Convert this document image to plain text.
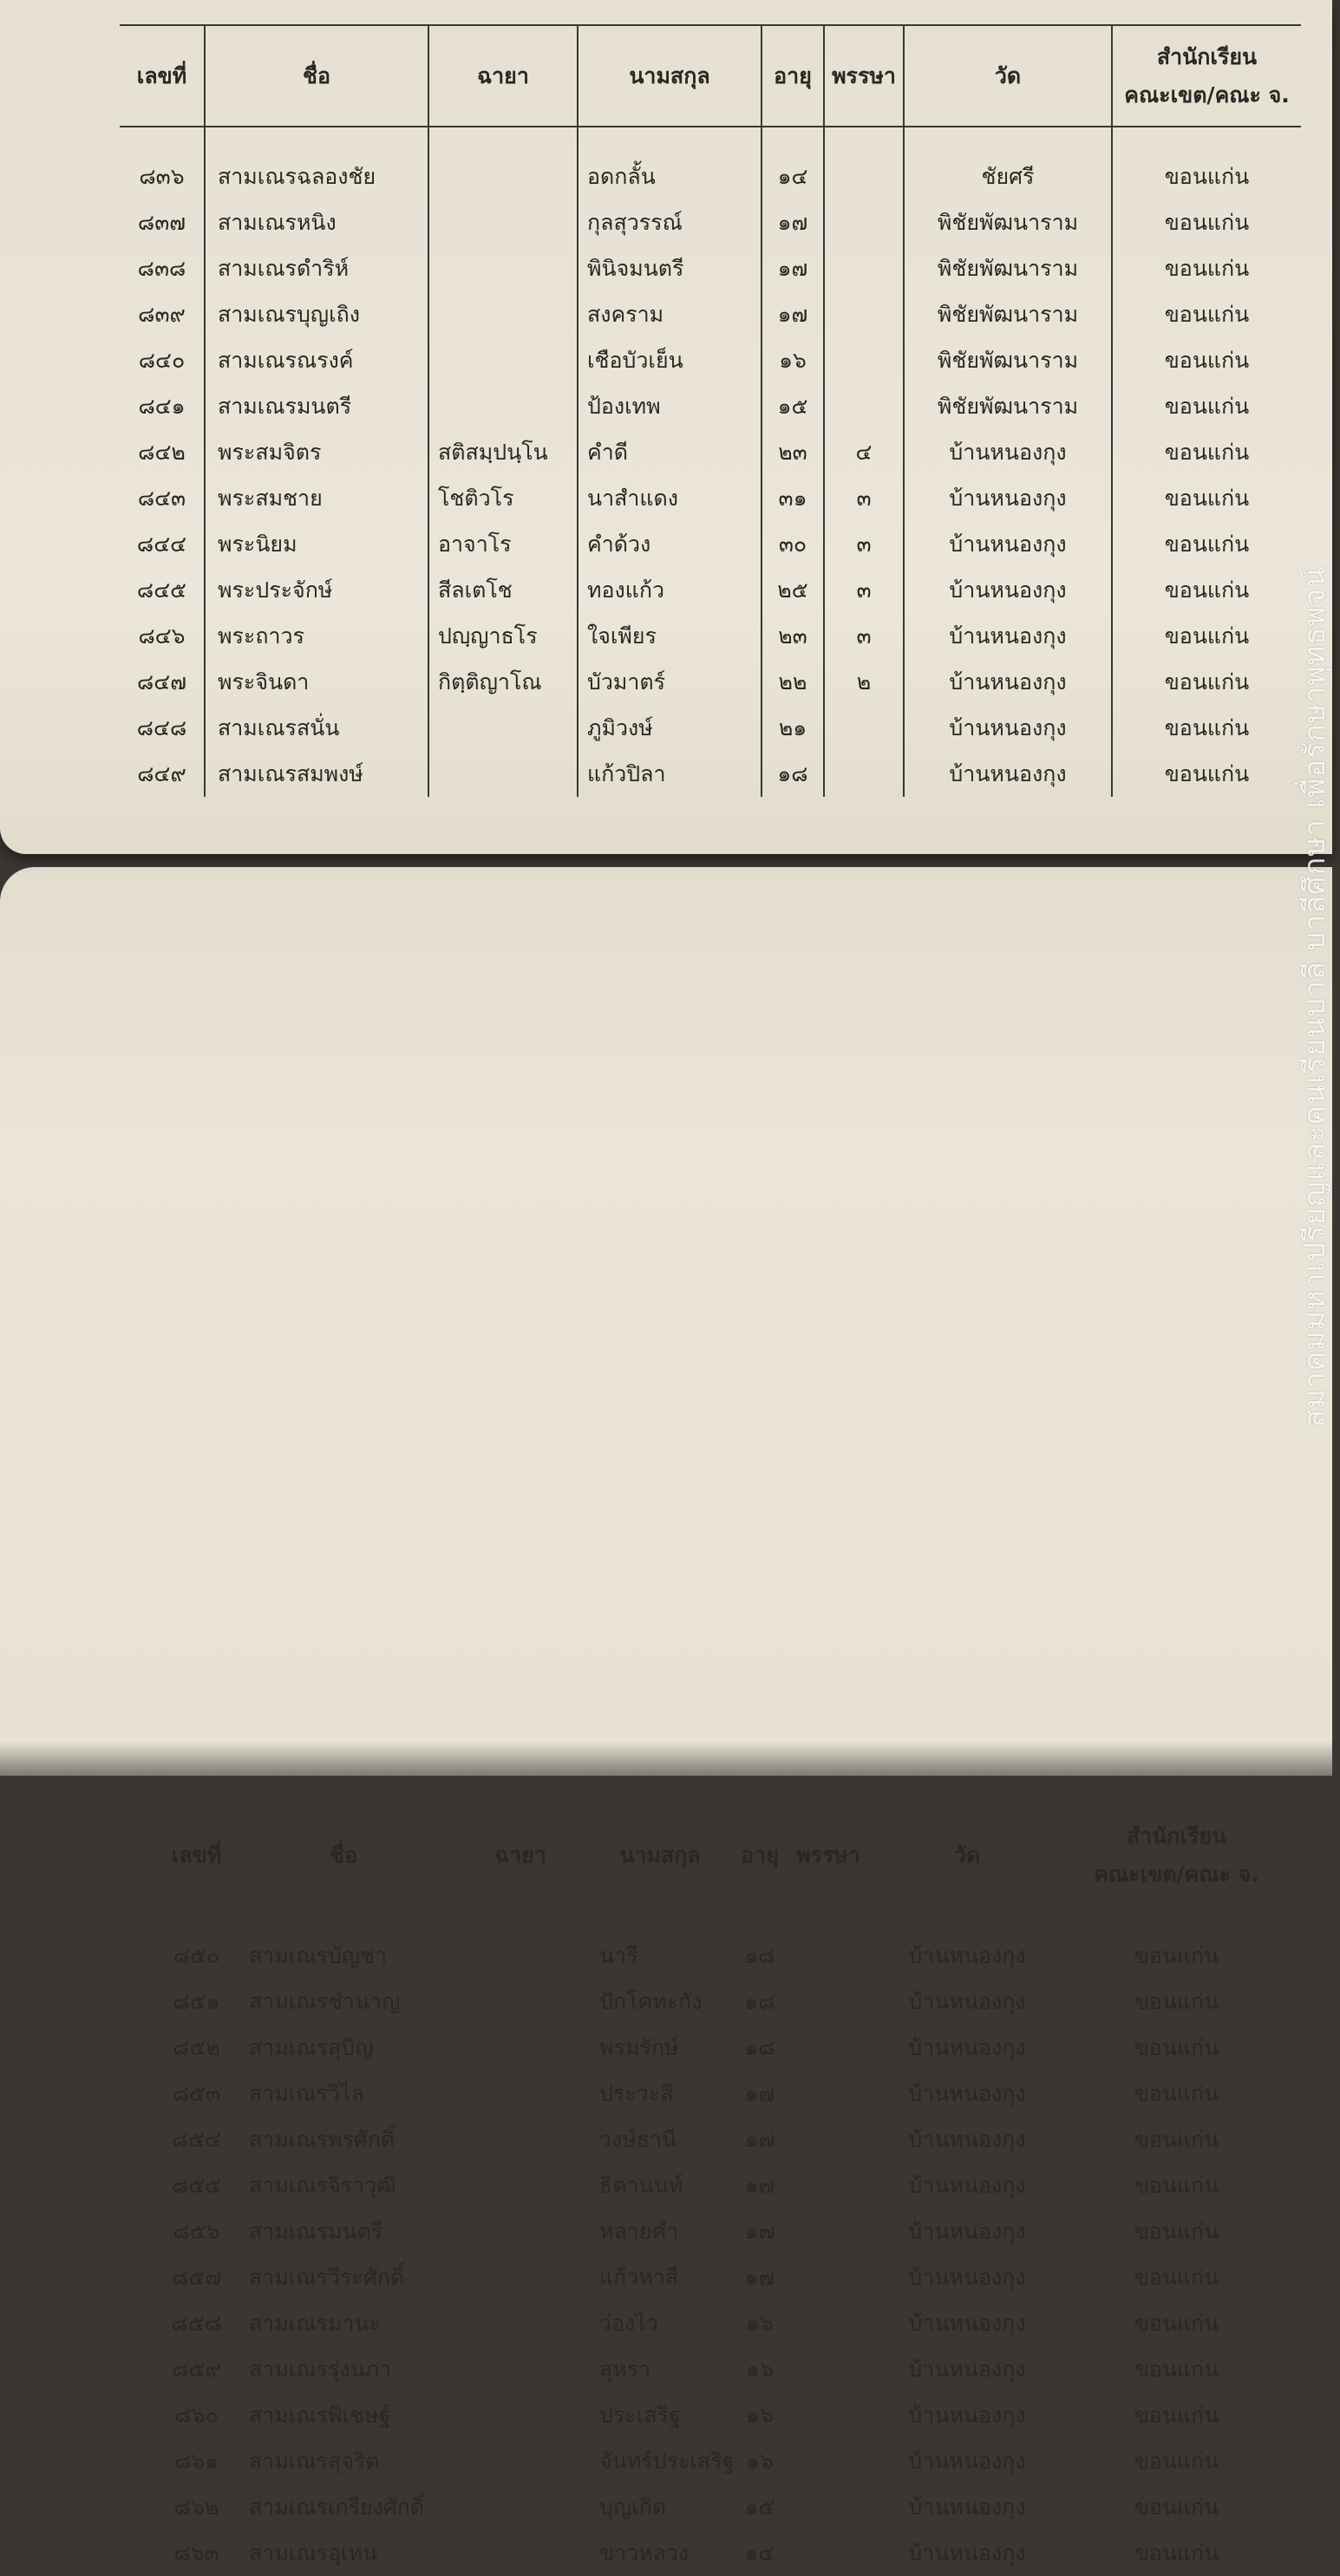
เลขที่	ชื่อ	ฉายา	นามสกุล	อายุ	พรรษา	วัด	สำนักเรียน
คณะเขต/คณะ จ.

๘๓๖	สามเณรฉลองชัย		อดกลั้น	๑๔		ชัยศรี	ขอนแก่น
๘๓๗	สามเณรหนิง		กุลสุวรรณ์	๑๗		พิชัยพัฒนาราม	ขอนแก่น
๘๓๘	สามเณรดำริห์		พินิจมนตรี	๑๗		พิชัยพัฒนาราม	ขอนแก่น
๘๓๙	สามเณรบุญเถิง		สงคราม	๑๗		พิชัยพัฒนาราม	ขอนแก่น
๘๔๐	สามเณรณรงค์		เชือบัวเย็น	๑๖		พิชัยพัฒนาราม	ขอนแก่น
๘๔๑	สามเณรมนตรี		ป้องเทพ	๑๕		พิชัยพัฒนาราม	ขอนแก่น
๘๔๒	พระสมจิตร	สติสมฺปนฺโน	คำดี	๒๓	๔	บ้านหนองกุง	ขอนแก่น
๘๔๓	พระสมชาย	โชติวโร	นาสำแดง	๓๑	๓	บ้านหนองกุง	ขอนแก่น
๘๔๔	พระนิยม	อาจาโร	คำด้วง	๓๐	๓	บ้านหนองกุง	ขอนแก่น
๘๔๕	พระประจักษ์	สีลเตโช	ทองแก้ว	๒๕	๓	บ้านหนองกุง	ขอนแก่น
๘๔๖	พระถาวร	ปญฺญาธโร	ใจเพียร	๒๓	๓	บ้านหนองกุง	ขอนแก่น
๘๔๗	พระจินดา	กิตฺติญาโณ	บัวมาตร์	๒๒	๒	บ้านหนองกุง	ขอนแก่น
๘๔๘	สามเณรสนั่น		ภูมิวงษ์	๒๑		บ้านหนองกุง	ขอนแก่น
๘๔๙	สามเณรสมพงษ์		แก้วปิลา	๑๘		บ้านหนองกุง	ขอนแก่น
เลขที่	ชื่อ	ฉายา	นามสกุล	อายุ	พรรษา	วัด	สำนักเรียน
คณะเขต/คณะ จ.

๘๕๐	สามเณรบัญชา		นารี	๑๘		บ้านหนองกุง	ขอนแก่น
๘๕๑	สามเณรชำนาญ		ปักโคทะกัง	๑๘		บ้านหนองกุง	ขอนแก่น
๘๕๒	สามเณรสุบิญ		พรมรักษ์	๑๘		บ้านหนองกุง	ขอนแก่น
๘๕๓	สามเณรวิไล		ประวะสี	๑๗		บ้านหนองกุง	ขอนแก่น
๘๕๔	สามเณรพรศักดิ์		วงษ์ธานี	๑๗		บ้านหนองกุง	ขอนแก่น
๘๕๕	สามเณรจิราวุฒิ		ธิตานนท์	๑๗		บ้านหนองกุง	ขอนแก่น
๘๕๖	สามเณรมนตรี		หลายคำ	๑๗		บ้านหนองกุง	ขอนแก่น
๘๕๗	สามเณรวีระศักดิ์		แก้วหาสี	๑๗		บ้านหนองกุง	ขอนแก่น
๘๕๘	สามเณรมานะ		ว่องไว	๑๖		บ้านหนองกุง	ขอนแก่น
๘๕๙	สามเณรรุ่งนภา		สุหรา	๑๖		บ้านหนองกุง	ขอนแก่น
๘๖๐	สามเณรพิเชษฐ์		ประเสริฐ	๑๖		บ้านหนองกุง	ขอนแก่น
๘๖๑	สามเณรสุจริต		จันทร์ประเสริฐ	๑๖		บ้านหนองกุง	ขอนแก่น
๘๖๒	สามเณรเกรียงศักดิ์		บุญเกิด	๑๕		บ้านหนองกุง	ขอนแก่น
๘๖๓	สามเณรอุเทน		ขาวหลวง	๑๔		บ้านหนองกุง	ขอนแก่น
สมาคมมหาเปรียญและคนเรียนบาลี บาลีศึกษา เพื่อรักษาพุทธพจน์
